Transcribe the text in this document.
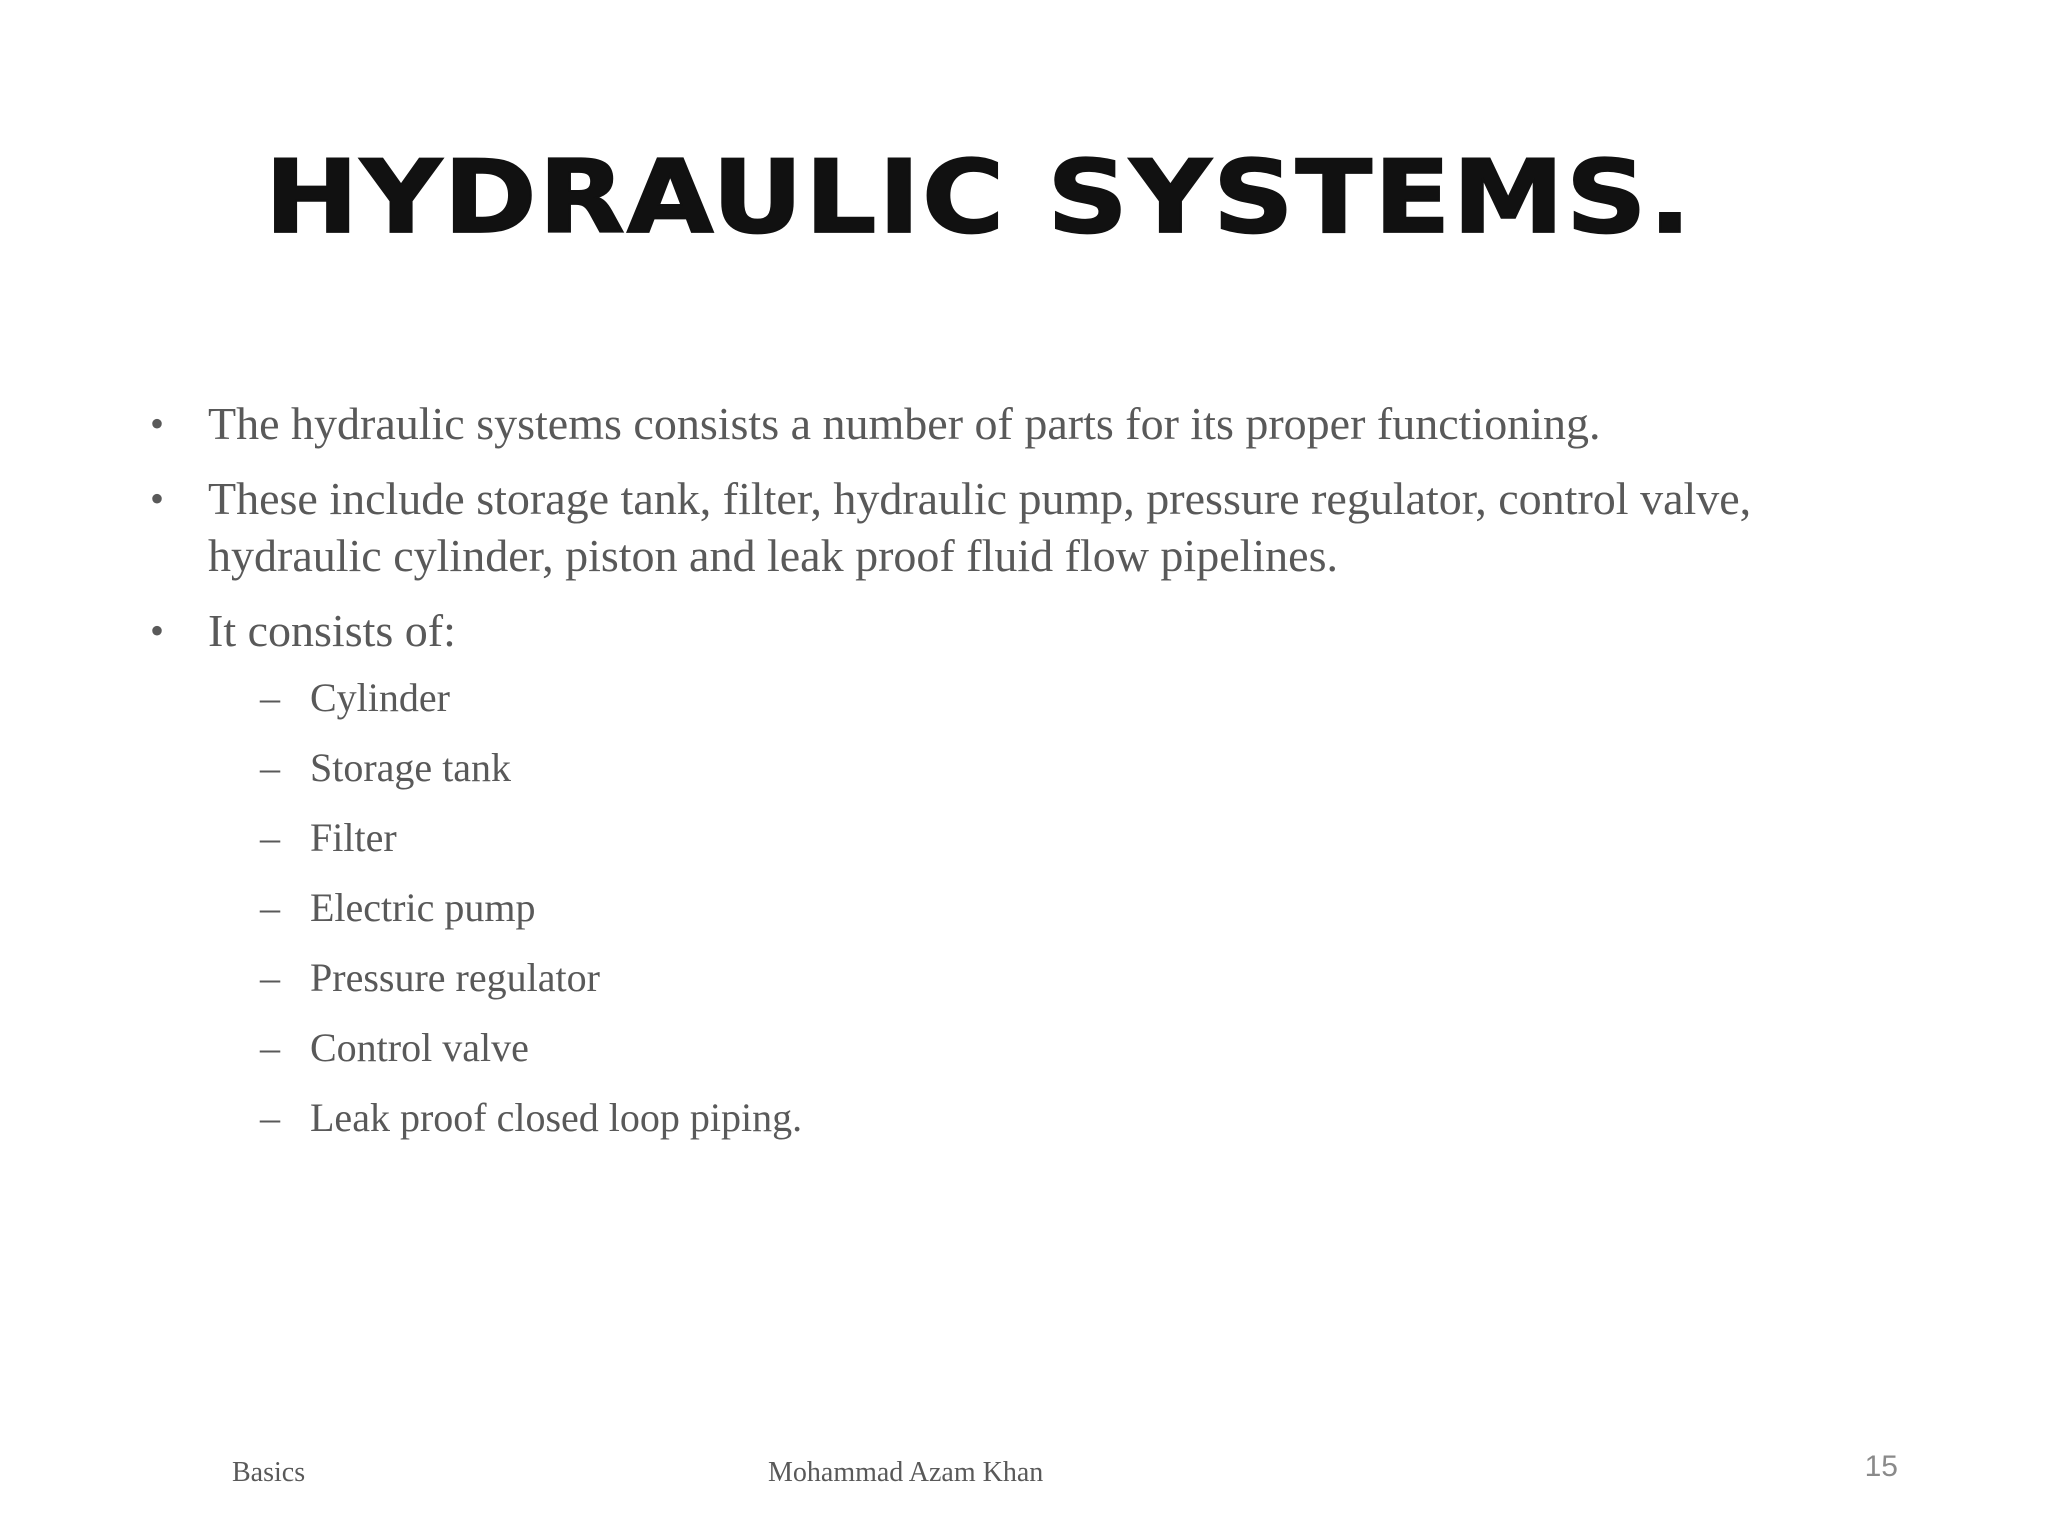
HYDRAULIC SYSTEMS.
• The hydraulic systems consists a number of parts for its proper functioning.
• These include storage tank, filter, hydraulic pump, pressure regulator, control valve, hydraulic cylinder, piston and leak proof fluid flow pipelines.
• It consists of:
– Cylinder
– Storage tank
– Filter
– Electric pump
– Pressure regulator
– Control valve
– Leak proof closed loop piping.
Basics	Mohammad Azam Khan	15
